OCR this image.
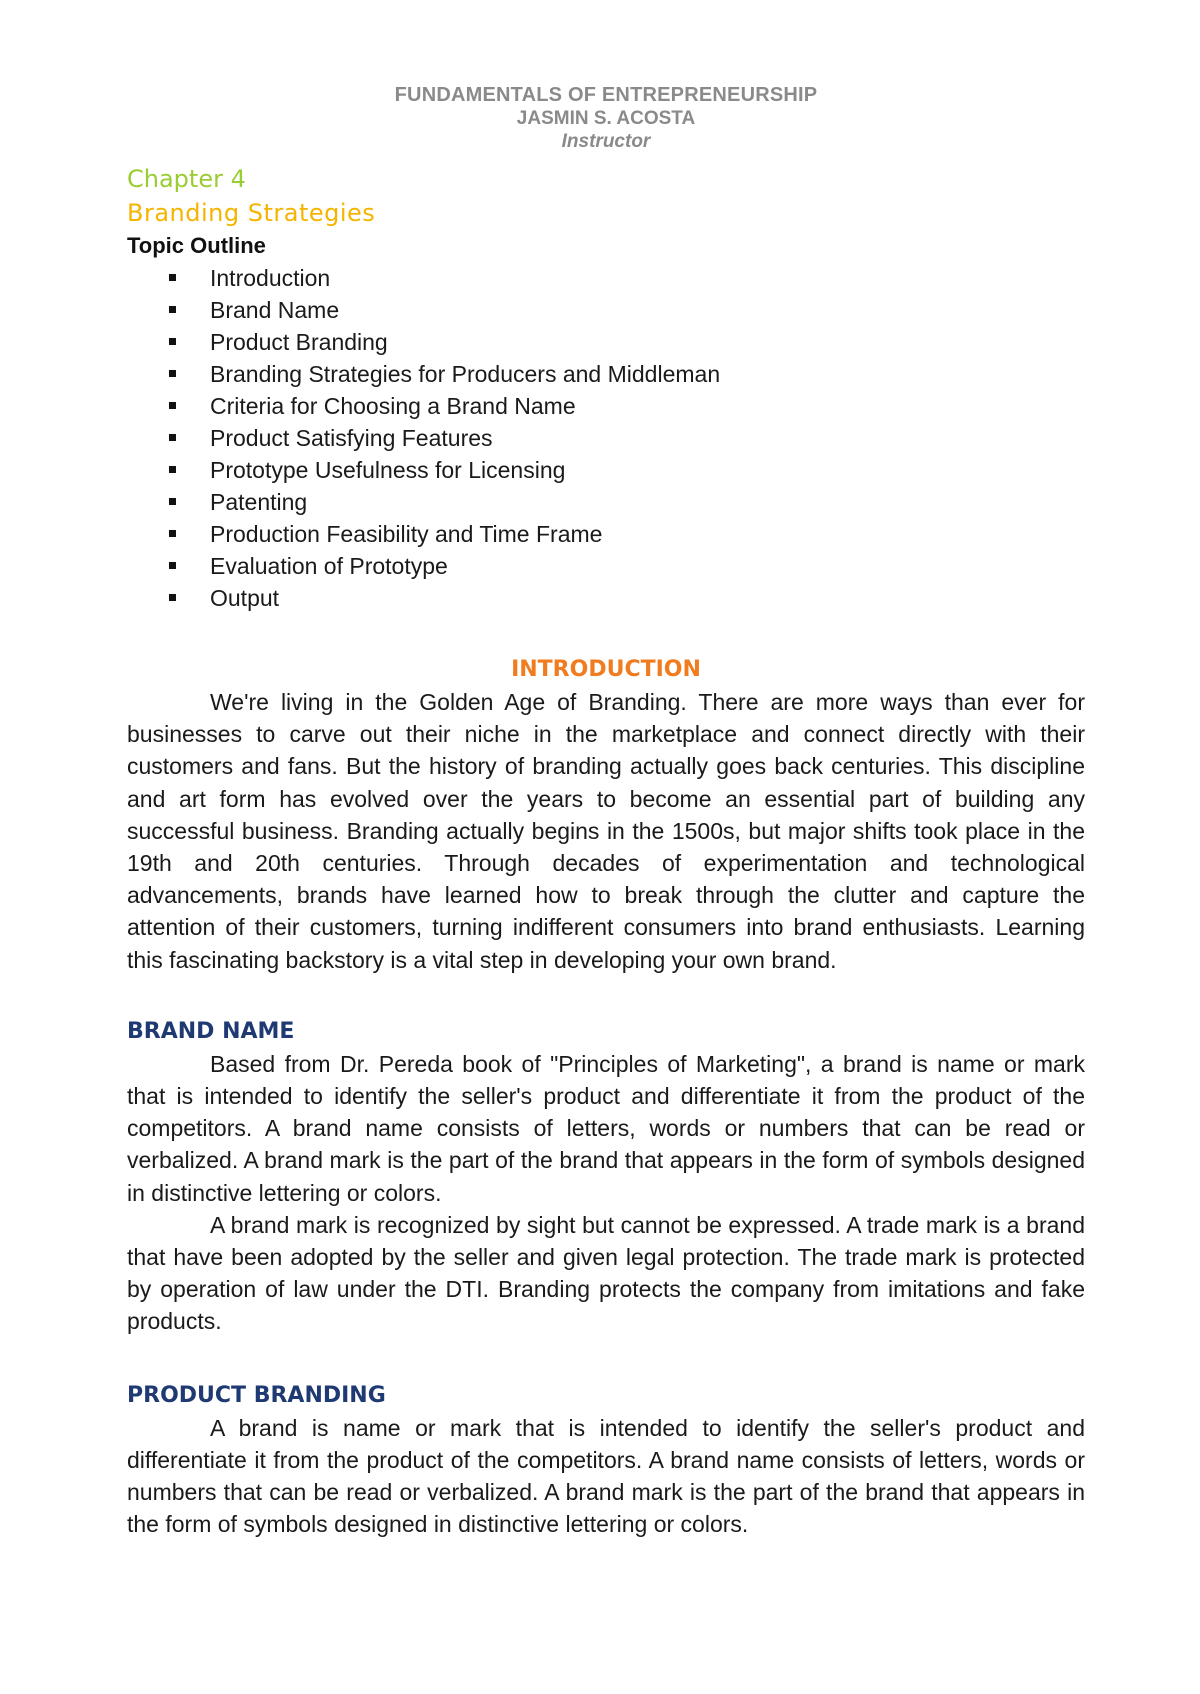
FUNDAMENTALS OF ENTREPRENEURSHIP
JASMIN S. ACOSTA
Instructor
Chapter 4
Branding Strategies
Topic Outline
Introduction
Brand Name
Product Branding
Branding Strategies for Producers and Middleman
Criteria for Choosing a Brand Name
Product Satisfying Features
Prototype Usefulness for Licensing
Patenting
Production Feasibility and Time Frame
Evaluation of Prototype
Output
INTRODUCTION

We're living in the Golden Age of Branding. There are more ways than ever for businesses to carve out their niche in the marketplace and connect directly with their customers and fans. But the history of branding actually goes back centuries. This discipline and art form has evolved over the years to become an essential part of building any successful business. Branding actually begins in the 1500s, but major shifts took place in the 19th and 20th centuries. Through decades of experimentation and technological advancements, brands have learned how to break through the clutter and capture the attention of their customers, turning indifferent consumers into brand enthusiasts. Learning this fascinating backstory is a vital step in developing your own brand.

BRAND NAME

Based from Dr. Pereda book of "Principles of Marketing", a brand is name or mark that is intended to identify the seller's product and differentiate it from the product of the competitors. A brand name consists of letters, words or numbers that can be read or verbalized. A brand mark is the part of the brand that appears in the form of symbols designed in distinctive lettering or colors.

A brand mark is recognized by sight but cannot be expressed. A trade mark is a brand that have been adopted by the seller and given legal protection. The trade mark is protected by operation of law under the DTI. Branding protects the company from imitations and fake products.

PRODUCT BRANDING

A brand is name or mark that is intended to identify the seller's product and differentiate it from the product of the competitors. A brand name consists of letters, words or numbers that can be read or verbalized. A brand mark is the part of the brand that appears in the form of symbols designed in distinctive lettering or colors.
